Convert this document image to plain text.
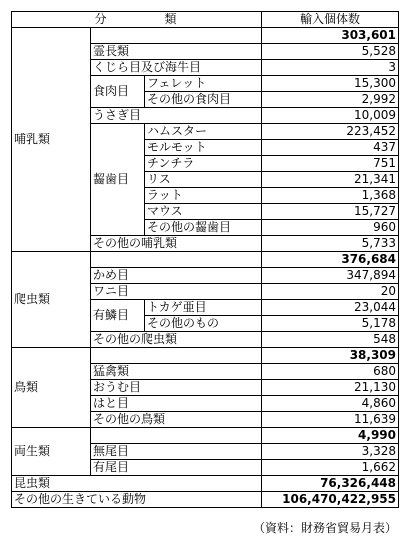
分　　　　類			輸入個体数
哺乳類			303,601
	霊長類		5,528
	くじら目及び海牛目		3
	食肉目	フェレット	15,300
		その他の食肉目	2,992
	うさぎ目		10,009
	齧歯目	ハムスター	223,452
		モルモット	437
		チンチラ	751
		リス	21,341
		ラット	1,368
		マウス	15,727
		その他の齧歯目	960
	その他の哺乳類		5,733
爬虫類			376,684
	かめ目		347,894
	ワニ目		20
	有鱗目	トカゲ亜目	23,044
		その他のもの	5,178
	その他の爬虫類		548
鳥類			38,309
	猛禽類		680
	おうむ目		21,130
	はと目		4,860
	その他の鳥類		11,639
両生類			4,990
	無尾目		3,328
	有尾目		1,662
昆虫類			76,326,448
その他の生きている動物			106,470,422,955
（資料：財務省貿易月表）
